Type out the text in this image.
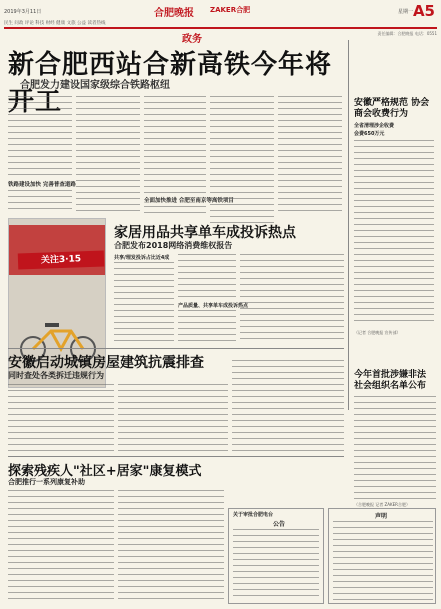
2019年3月11日	合肥晚报 ZAKER合肥	星期一 A5
民生 问政 评论 科技 财经 健康 文旅 公益 读者热线
政务
责任编辑：合肥晚报 电话：0551
新合肥西站合新高铁今年将开工
合肥发力建设国家级综合铁路枢纽
铁路建设加快 完善普查道路
全面加快推进 合肥至南京等高铁项目
安徽严格规范 协会商会收费行为
全省清理涉企收费
会费650万元
（记者 合肥晚报 宣传部）
关注3·15
家居用品共享单车成投诉热点
合肥发布2018网络消费维权报告
共享/理发投诉占比近4成
产品质量、共享单车成投诉热点
安徽启动城镇房屋建筑抗震排查
同时查处各类拆迁违规行为	今年首批涉嫌非法 社会组织名单公布
（合肥晚报 记者 ZAKER合肥）
探索残疾人"社区+居家"康复模式
合肥推行一系列康复补助
关于审批合肥电台
公告
声明
